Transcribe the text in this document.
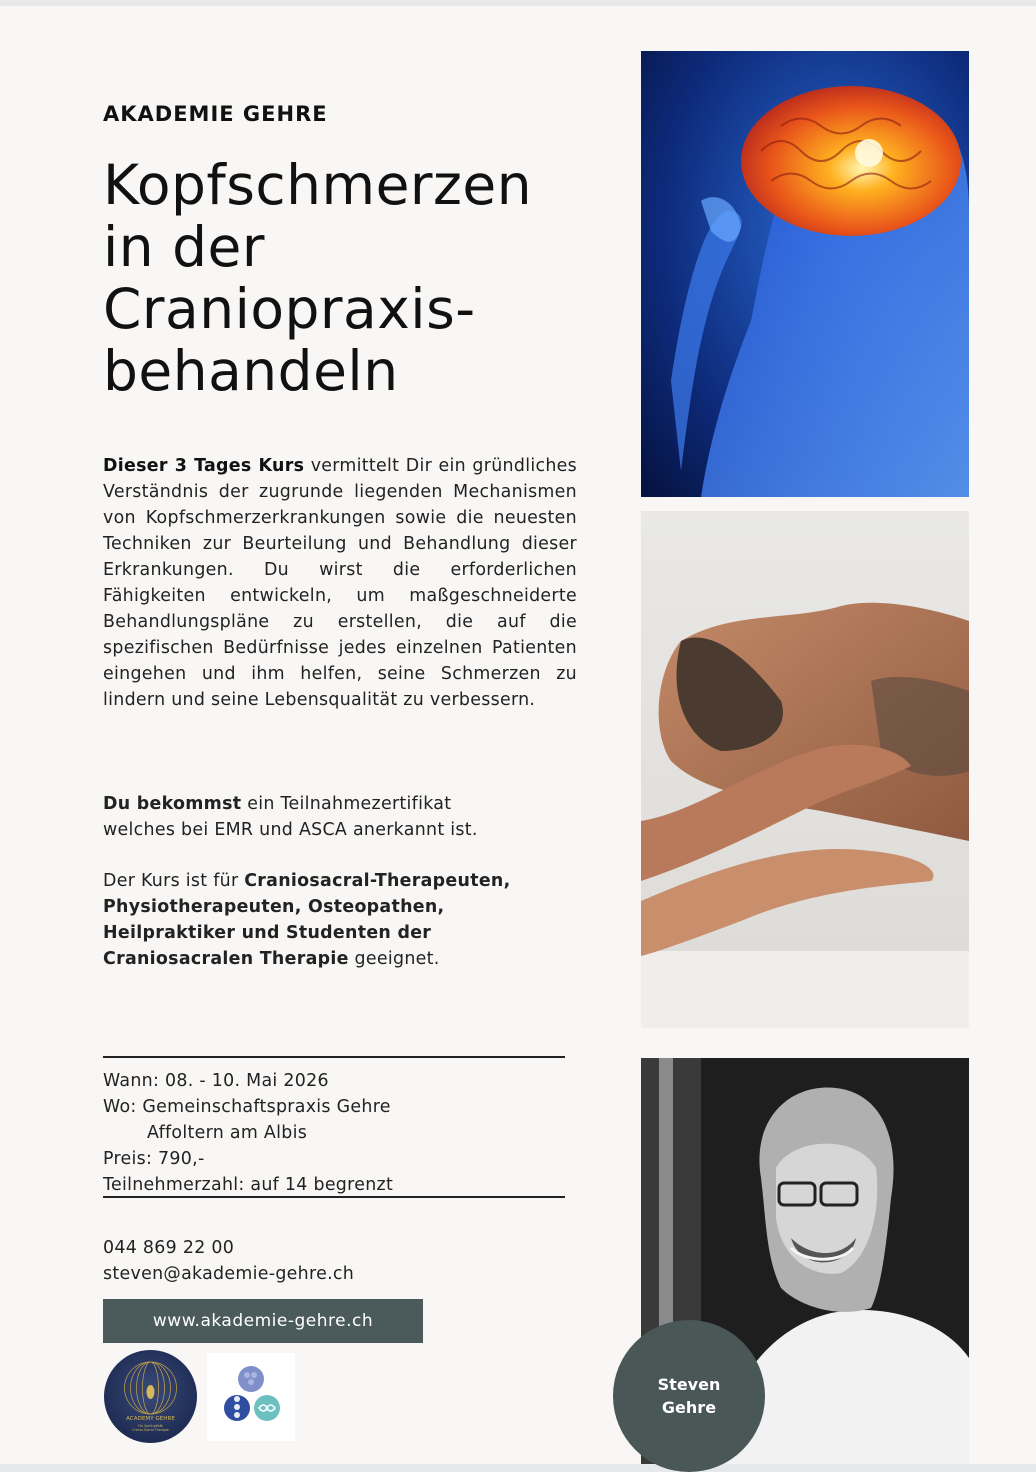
AKADEMIE GEHRE
Kopfschmerzen
in der
Craniopraxis-
behandeln

Dieser 3 Tages Kurs vermittelt Dir ein gründliches Verständnis der zugrunde liegenden Mechanismen von Kopfschmerzerkrankungen sowie die neuesten Techniken zur Beurteilung und Behandlung dieser Erkrankungen. Du wirst die erforderlichen Fähigkeiten entwickeln, um maßgeschneiderte Behandlungspläne zu erstellen, die auf die spezifischen Bedürfnisse jedes einzelnen Patienten eingehen und ihm helfen, seine Schmerzen zu lindern und seine Lebensqualität zu verbessern.

Du bekommst ein Teilnahmezertifikat
welches bei EMR und ASCA anerkannt ist.

Der Kurs ist für Craniosacral-Therapeuten,
Physiotherapeuten, Osteopathen,
Heilpraktiker und Studenten der
Craniosacralen Therapie geeignet.

Wann: 08. - 10. Mai 2026
Wo: Gemeinschaftspraxis Gehre
Affoltern am Albis
Preis: 790,-
Teilnehmerzahl: auf 14 begrenzt
044 869 22 00
steven@akademie-gehre.ch
www.akademie-gehre.ch
ACADEMY GEHRE
Für Spiritualität
Cranio-Sacral Therapie
Steven
Gehre
